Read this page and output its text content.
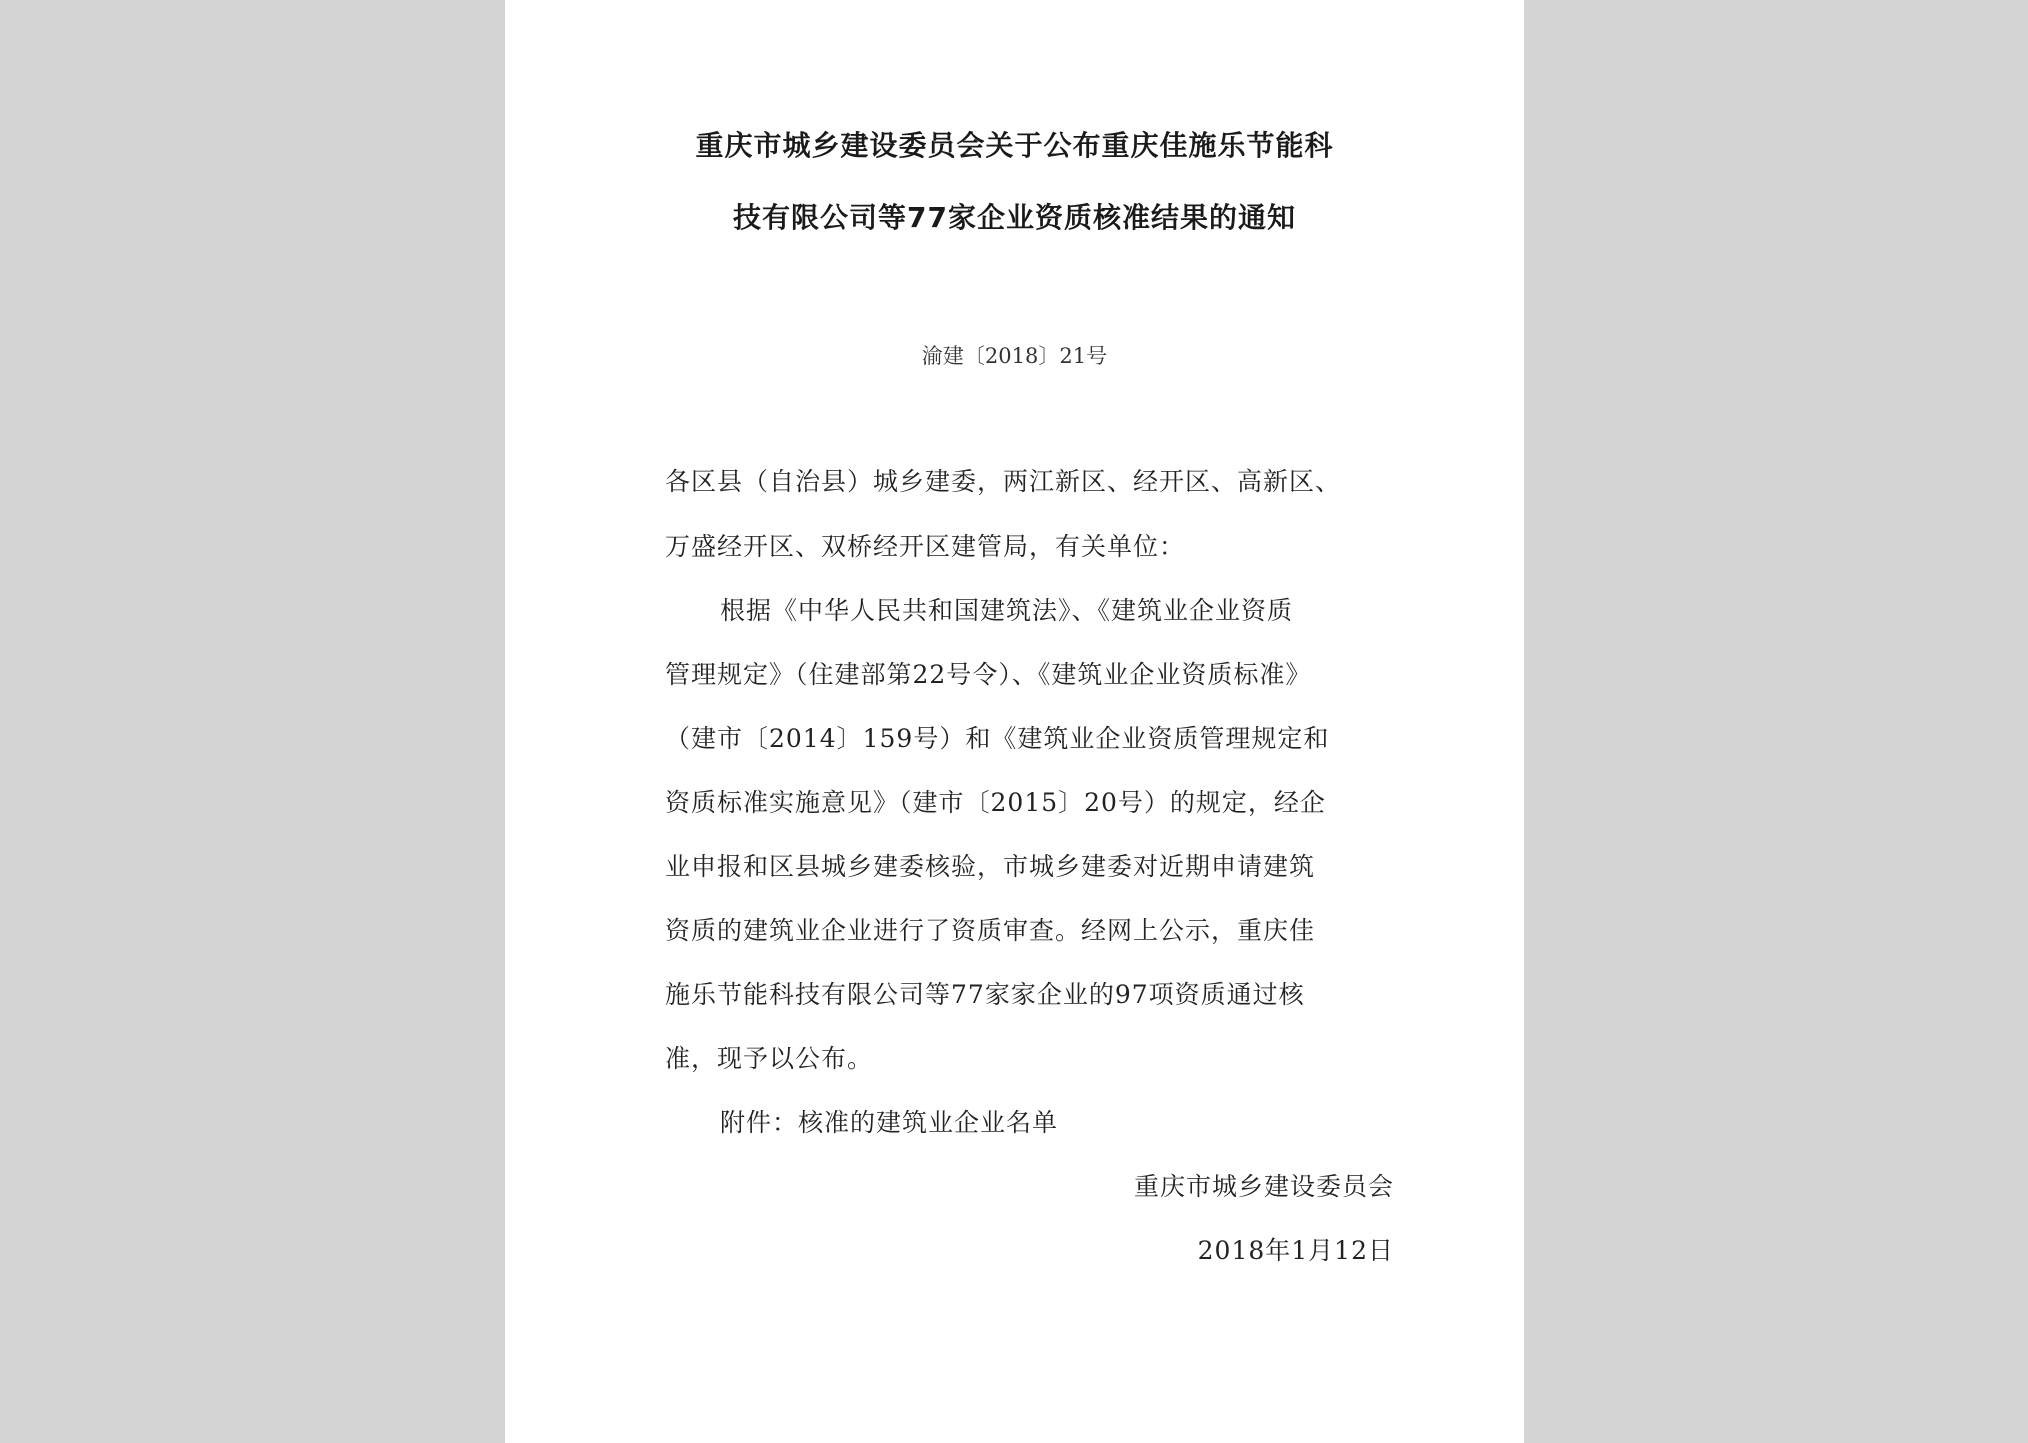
重庆市城乡建设委员会关于公布重庆佳施乐节能科
技有限公司等77家企业资质核准结果的通知
渝建〔2018〕21号
各区县（自治县）城乡建委，两江新区、经开区、高新区、
万盛经开区、双桥经开区建管局，有关单位：
根据《中华人民共和国建筑法》、《建筑业企业资质
管理规定》（住建部第22号令）、《建筑业企业资质标准》
（建市〔2014〕159号）和《建筑业企业资质管理规定和
资质标准实施意见》（建市〔2015〕20号）的规定，经企
业申报和区县城乡建委核验，市城乡建委对近期申请建筑
资质的建筑业企业进行了资质审查。经网上公示，重庆佳
施乐节能科技有限公司等77家家企业的97项资质通过核
准，现予以公布。
附件：核准的建筑业企业名单
重庆市城乡建设委员会
2018年1月12日
